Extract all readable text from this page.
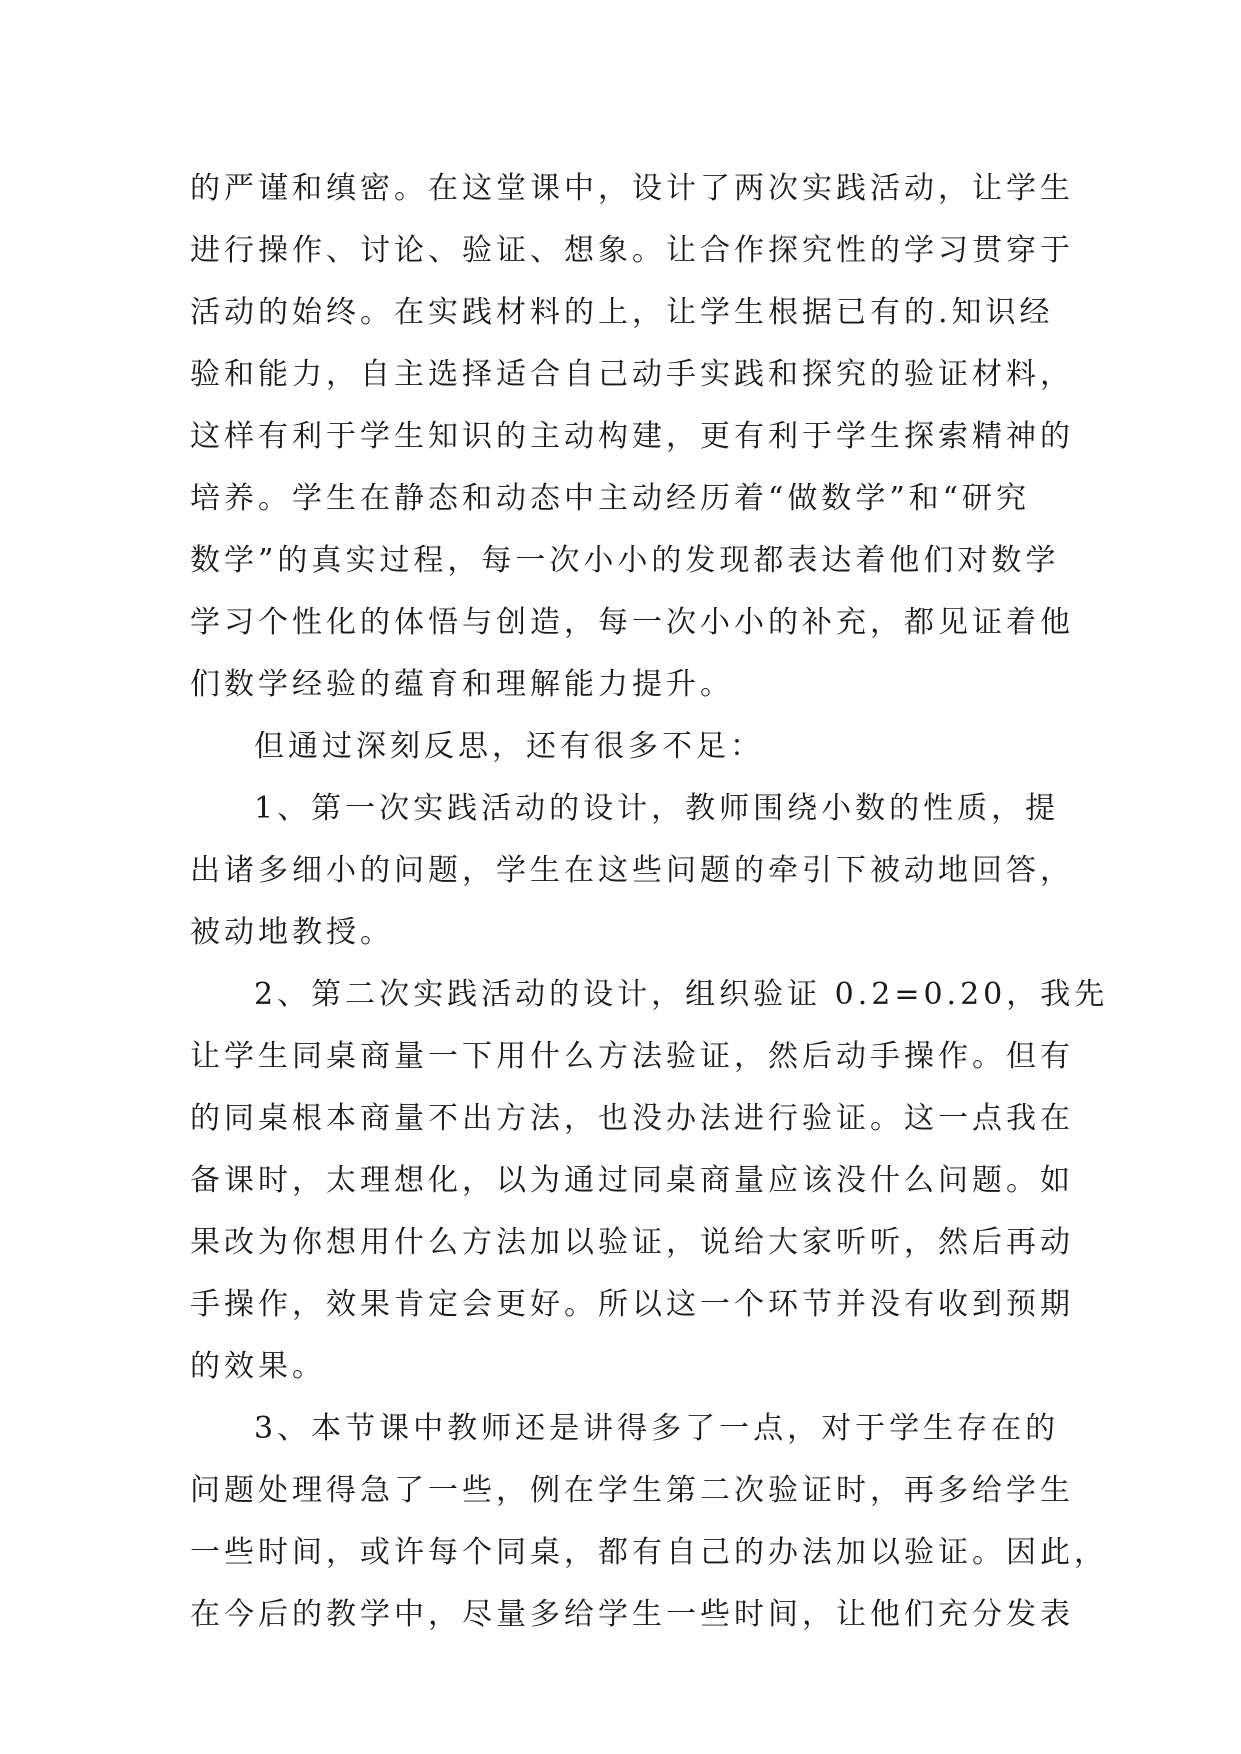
的严谨和缜密。在这堂课中，设计了两次实践活动，让学生
进行操作、讨论、验证、想象。让合作探究性的学习贯穿于
活动的始终。在实践材料的上，让学生根据已有的.知识经
验和能力，自主选择适合自己动手实践和探究的验证材料，
这样有利于学生知识的主动构建，更有利于学生探索精神的
培养。学生在静态和动态中主动经历着“做数学”和“研究
数学”的真实过程，每一次小小的发现都表达着他们对数学
学习个性化的体悟与创造，每一次小小的补充，都见证着他
们数学经验的蕴育和理解能力提升。
但通过深刻反思，还有很多不足：
1、第一次实践活动的设计，教师围绕小数的性质，提
出诸多细小的问题，学生在这些问题的牵引下被动地回答，
被动地教授。
2、第二次实践活动的设计，组织验证 0.2=0.20，我先
让学生同桌商量一下用什么方法验证，然后动手操作。但有
的同桌根本商量不出方法，也没办法进行验证。这一点我在
备课时，太理想化，以为通过同桌商量应该没什么问题。如
果改为你想用什么方法加以验证，说给大家听听，然后再动
手操作，效果肯定会更好。所以这一个环节并没有收到预期
的效果。
3、本节课中教师还是讲得多了一点，对于学生存在的
问题处理得急了一些，例在学生第二次验证时，再多给学生
一些时间，或许每个同桌，都有自己的办法加以验证。因此，
在今后的教学中，尽量多给学生一些时间，让他们充分发表
